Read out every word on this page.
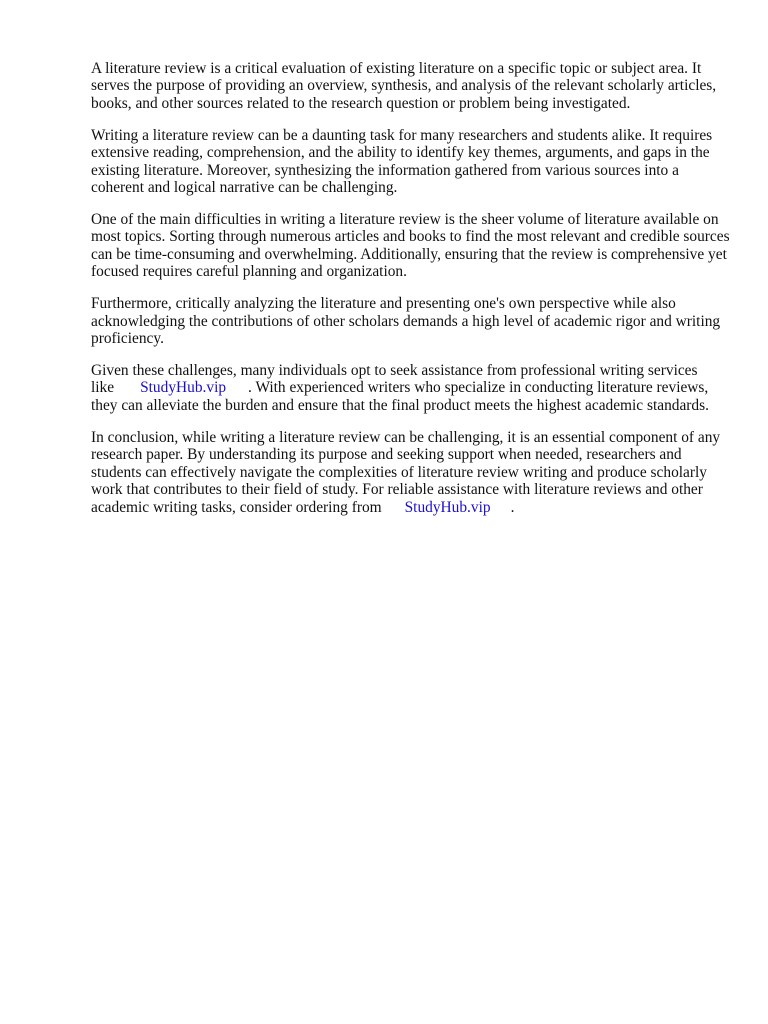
A literature review is a critical evaluation of existing literature on a specific topic or subject area. It serves the purpose of providing an overview, synthesis, and analysis of the relevant scholarly articles, books, and other sources related to the research question or problem being investigated.

Writing a literature review can be a daunting task for many researchers and students alike. It requires extensive reading, comprehension, and the ability to identify key themes, arguments, and gaps in the existing literature. Moreover, synthesizing the information gathered from various sources into a coherent and logical narrative can be challenging.

One of the main difficulties in writing a literature review is the sheer volume of literature available on most topics. Sorting through numerous articles and books to find the most relevant and credible sources can be time-consuming and overwhelming. Additionally, ensuring that the review is comprehensive yet focused requires careful planning and organization.

Furthermore, critically analyzing the literature and presenting one's own perspective while also acknowledging the contributions of other scholars demands a high level of academic rigor and writing proficiency.

Given these challenges, many individuals opt to seek assistance from professional writing services like StudyHub.vip . With experienced writers who specialize in conducting literature reviews, they can alleviate the burden and ensure that the final product meets the highest academic standards.

In conclusion, while writing a literature review can be challenging, it is an essential component of any research paper. By understanding its purpose and seeking support when needed, researchers and students can effectively navigate the complexities of literature review writing and produce scholarly work that contributes to their field of study. For reliable assistance with literature reviews and other academic writing tasks, consider ordering from StudyHub.vip .
